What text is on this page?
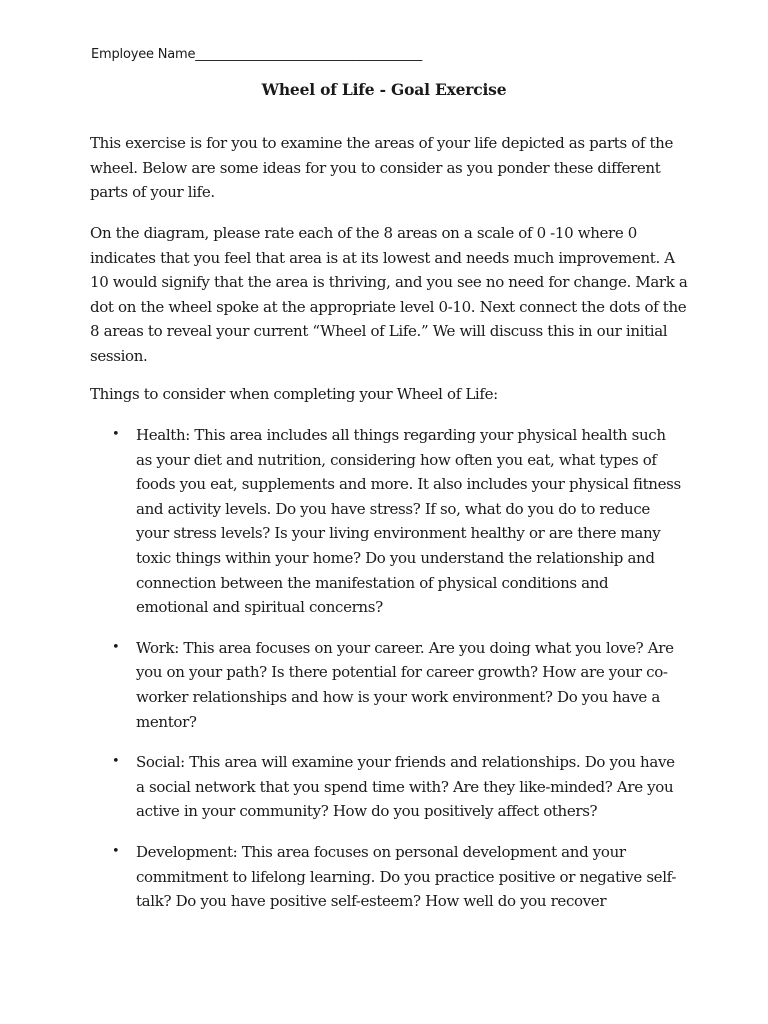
Employee Name____________________________________
Wheel of Life - Goal Exercise

This exercise is for you to examine the areas of your life depicted as parts of the wheel. Below are some ideas for you to consider as you ponder these different parts of your life.

On the diagram, please rate each of the 8 areas on a scale of 0 -10 where 0 indicates that you feel that area is at its lowest and needs much improvement. A 10 would signify that the area is thriving, and you see no need for change. Mark a dot on the wheel spoke at the appropriate level 0-10. Next connect the dots of the 8 areas to reveal your current “Wheel of Life.” We will discuss this in our initial session.

Things to consider when completing your Wheel of Life:

• Health: This area includes all things regarding your physical health such as your diet and nutrition, considering how often you eat, what types of foods you eat, supplements and more. It also includes your physical fitness and activity levels. Do you have stress? If so, what do you do to reduce your stress levels? Is your living environment healthy or are there many toxic things within your home? Do you understand the relationship and connection between the manifestation of physical conditions and emotional and spiritual concerns?
• Work: This area focuses on your career. Are you doing what you love? Are you on your path? Is there potential for career growth? How are your co-worker relationships and how is your work environment? Do you have a mentor?
• Social: This area will examine your friends and relationships. Do you have a social network that you spend time with? Are they like-minded? Are you active in your community? How do you positively affect others?
• Development: This area focuses on personal development and your commitment to lifelong learning. Do you practice positive or negative self-talk? Do you have positive self-esteem? How well do you recover
